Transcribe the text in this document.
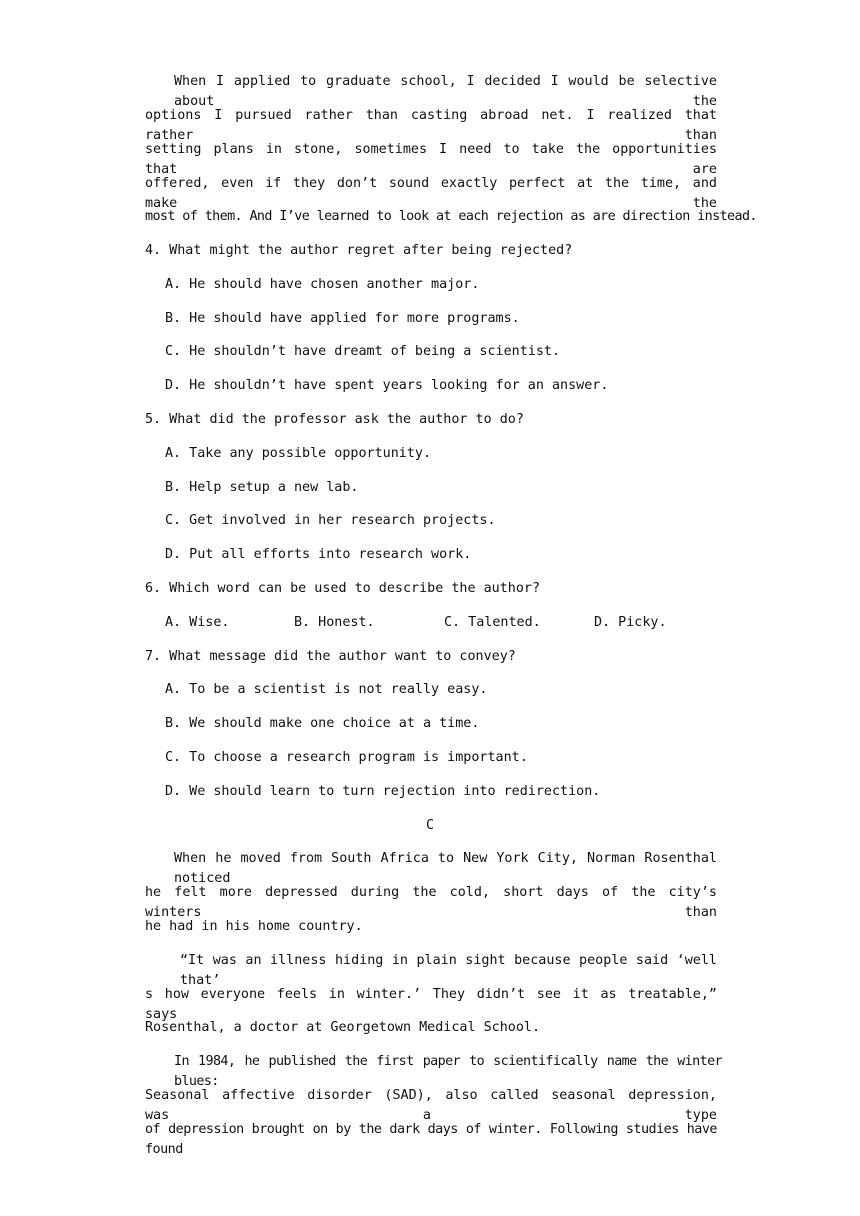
When I applied to graduate school, I decided I would be selective about the
options I pursued rather than casting abroad net. I realized that rather than
setting plans in stone, sometimes I need to take the opportunities that are
offered, even if they don’t sound exactly perfect at the time, and make the
most of them. And I’ve learned to look at each rejection as are direction instead.
4. What might the author regret after being rejected?
A. He should have chosen another major.
B. He should have applied for more programs.
C. He shouldn’t have dreamt of being a scientist.
D. He shouldn’t have spent years looking for an answer.
5. What did the professor ask the author to do?
A. Take any possible opportunity.
B. Help setup a new lab.
C. Get involved in her research projects.
D. Put all efforts into research work.
6. Which word can be used to describe the author?
A. Wise.	B. Honest.	C. Talented.	D. Picky.
7. What message did the author want to convey?
A. To be a scientist is not really easy.
B. We should make one choice at a time.
C. To choose a research program is important.
D. We should learn to turn rejection into redirection.
C
When he moved from South Africa to New York City, Norman Rosenthal noticed
he felt more depressed during the cold, short days of the city’s winters than
he had in his home country.
“It was an illness hiding in plain sight because people said ‘well that’
s how everyone feels in winter.’ They didn’t see it as treatable,” says
Rosenthal, a doctor at Georgetown Medical School.
In 1984, he published the first paper to scientifically name the winter blues:
Seasonal affective disorder (SAD), also called seasonal depression, was a type
of depression brought on by the dark days of winter. Following studies have found
